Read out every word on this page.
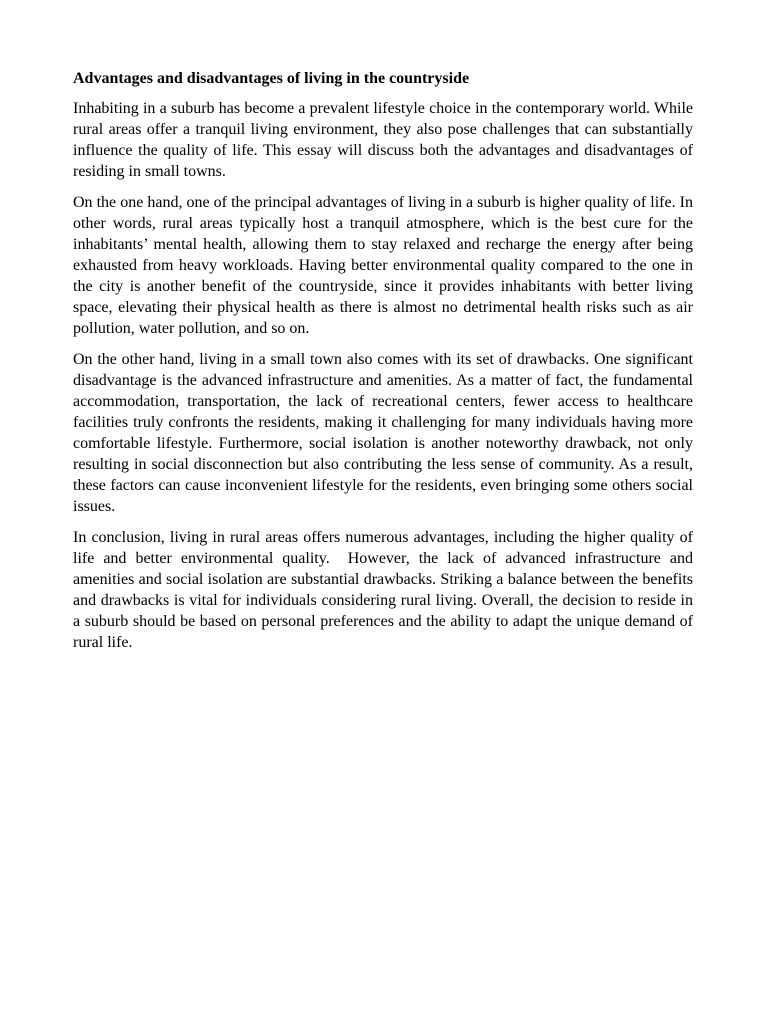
Advantages and disadvantages of living in the countryside

Inhabiting in a suburb has become a prevalent lifestyle choice in the contemporary world. While rural areas offer a tranquil living environment, they also pose challenges that can substantially influence the quality of life. This essay will discuss both the advantages and disadvantages of residing in small towns.

On the one hand, one of the principal advantages of living in a suburb is higher quality of life. In other words, rural areas typically host a tranquil atmosphere, which is the best cure for the inhabitants’ mental health, allowing them to stay relaxed and recharge the energy after being exhausted from heavy workloads. Having better environmental quality compared to the one in the city is another benefit of the countryside, since it provides inhabitants with better living space, elevating their physical health as there is almost no detrimental health risks such as air pollution, water pollution, and so on.

On the other hand, living in a small town also comes with its set of drawbacks. One significant disadvantage is the advanced infrastructure and amenities. As a matter of fact, the fundamental accommodation, transportation, the lack of recreational centers, fewer access to healthcare facilities truly confronts the residents, making it challenging for many individuals having more comfortable lifestyle. Furthermore, social isolation is another noteworthy drawback, not only resulting in social disconnection but also contributing the less sense of community. As a result, these factors can cause inconvenient lifestyle for the residents, even bringing some others social issues.

In conclusion, living in rural areas offers numerous advantages, including the higher quality of life and better environmental quality.  However, the lack of advanced infrastructure and amenities and social isolation are substantial drawbacks. Striking a balance between the benefits and drawbacks is vital for individuals considering rural living. Overall, the decision to reside in a suburb should be based on personal preferences and the ability to adapt the unique demand of rural life.
